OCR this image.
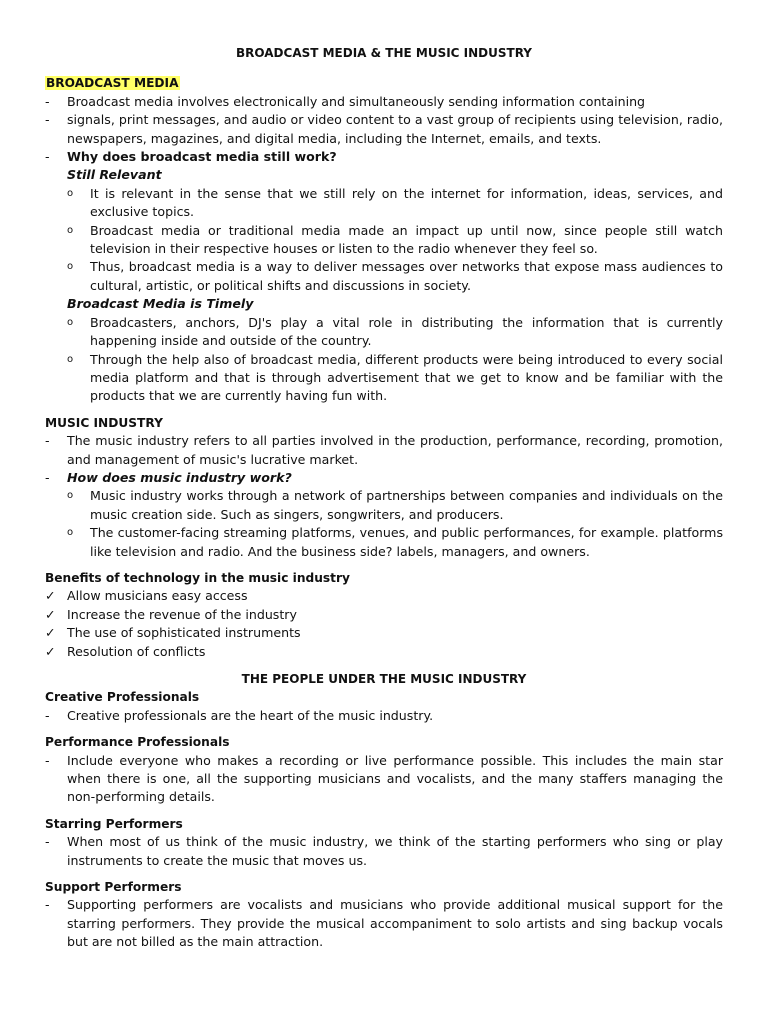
BROADCAST MEDIA & THE MUSIC INDUSTRY
BROADCAST MEDIA
-	Broadcast media involves electronically and simultaneously sending information containing
-	signals, print messages, and audio or video content to a vast group of recipients using television, radio, newspapers, magazines, and digital media, including the Internet, emails, and texts.
-	Why does broadcast media still work?
Still Relevant
o	It is relevant in the sense that we still rely on the internet for information, ideas, services, and exclusive topics.
o	Broadcast media or traditional media made an impact up until now, since people still watch television in their respective houses or listen to the radio whenever they feel so.
o	Thus, broadcast media is a way to deliver messages over networks that expose mass audiences to cultural, artistic, or political shifts and discussions in society.
Broadcast Media is Timely
o	Broadcasters, anchors, DJ's play a vital role in distributing the information that is currently happening inside and outside of the country.
o	Through the help also of broadcast media, different products were being introduced to every social media platform and that is through advertisement that we get to know and be familiar with the products that we are currently having fun with.
MUSIC INDUSTRY
-	The music industry refers to all parties involved in the production, performance, recording, promotion, and management of music's lucrative market.
-	How does music industry work?
o	Music industry works through a network of partnerships between companies and individuals on the music creation side. Such as singers, songwriters, and producers.
o	The customer-facing streaming platforms, venues, and public performances, for example. platforms like television and radio. And the business side? labels, managers, and owners.
Benefits of technology in the music industry
✓ Allow musicians easy access
✓ Increase the revenue of the industry
✓ The use of sophisticated instruments
✓ Resolution of conflicts
THE PEOPLE UNDER THE MUSIC INDUSTRY
Creative Professionals
-	Creative professionals are the heart of the music industry.
Performance Professionals
-	Include everyone who makes a recording or live performance possible. This includes the main star when there is one, all the supporting musicians and vocalists, and the many staffers managing the non-performing details.
Starring Performers
-	When most of us think of the music industry, we think of the starting performers who sing or play instruments to create the music that moves us.
Support Performers
-	Supporting performers are vocalists and musicians who provide additional musical support for the starring performers. They provide the musical accompaniment to solo artists and sing backup vocals but are not billed as the main attraction.
